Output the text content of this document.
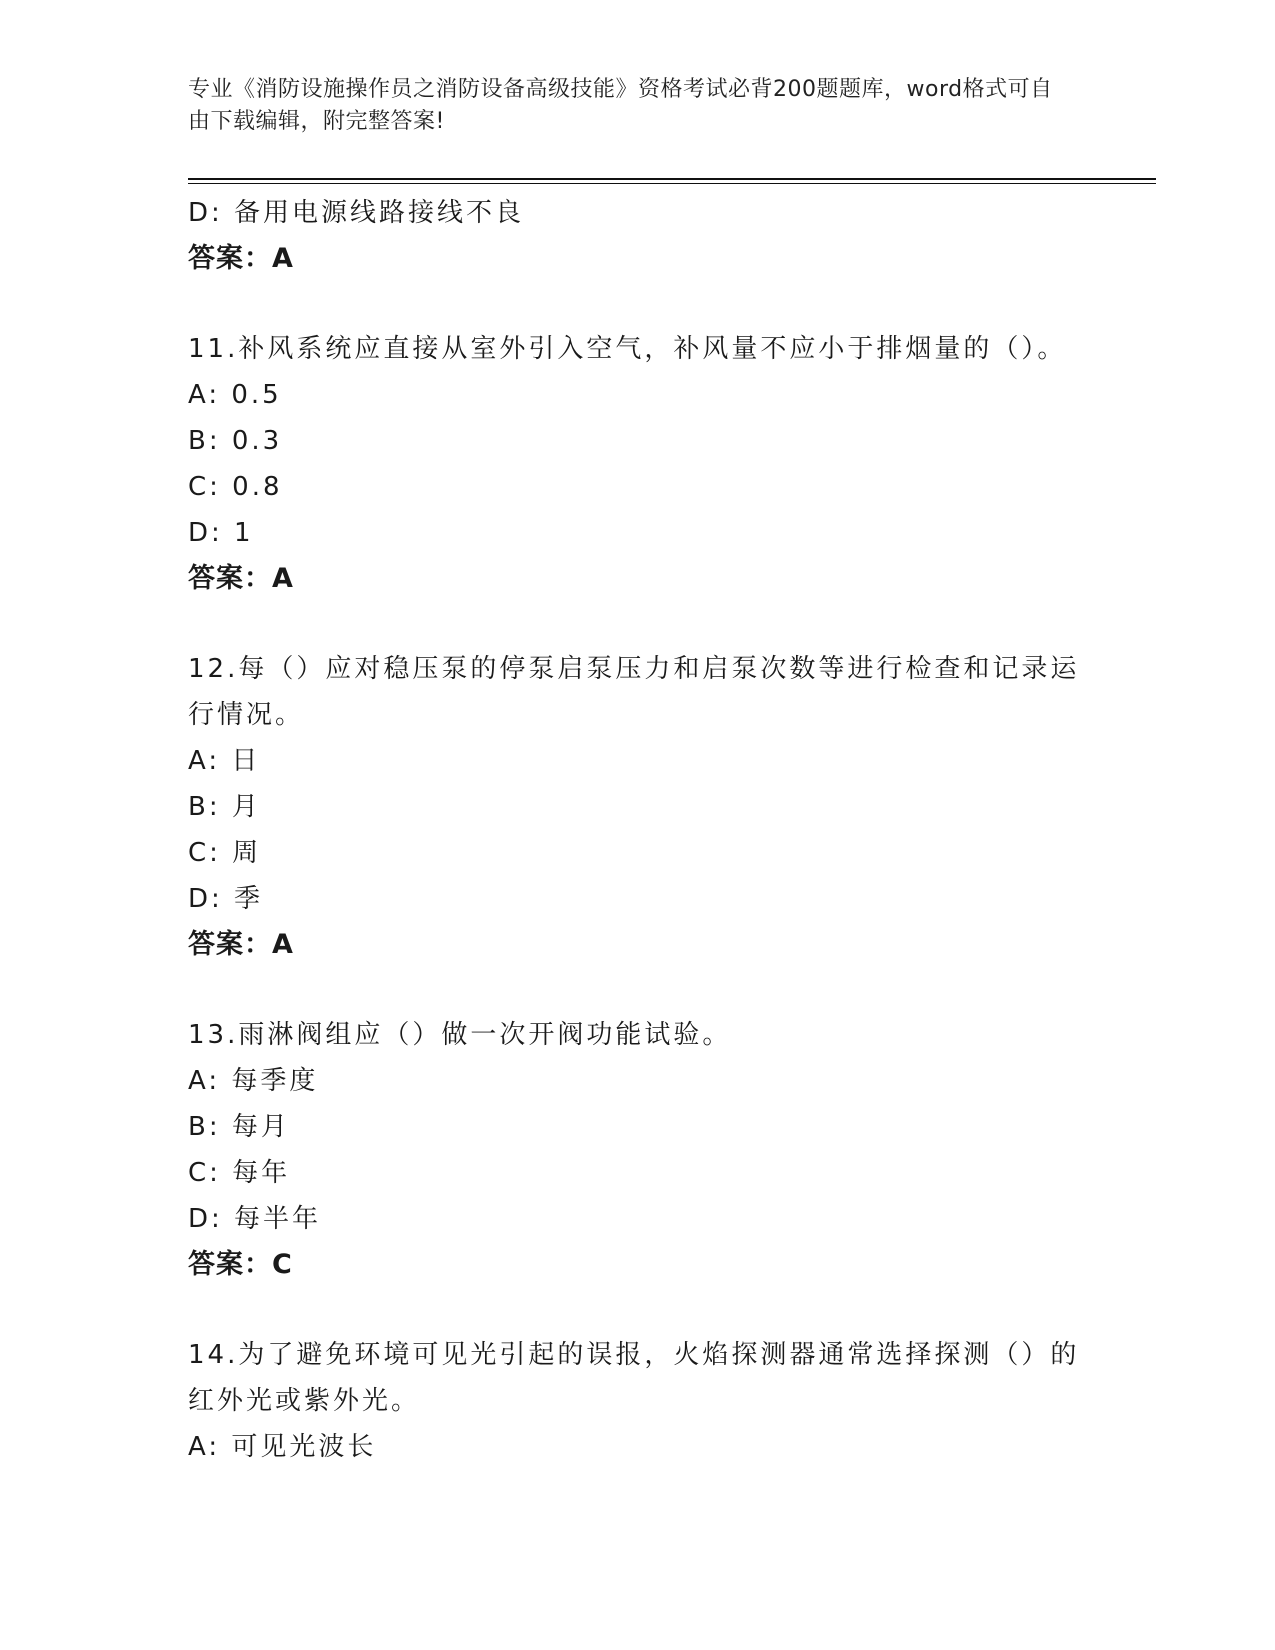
专业《消防设施操作员之消防设备高级技能》资格考试必背200题题库，word格式可自由下载编辑，附完整答案!
D: 备用电源线路接线不良
答案：A
11.补风系统应直接从室外引入空气，补风量不应小于排烟量的（）。
A: 0.5
B: 0.3
C: 0.8
D: 1
答案：A
12.每（）应对稳压泵的停泵启泵压力和启泵次数等进行检查和记录运行情况。
A: 日
B: 月
C: 周
D: 季
答案：A
13.雨淋阀组应（）做一次开阀功能试验。
A: 每季度
B: 每月
C: 每年
D: 每半年
答案：C
14.为了避免环境可见光引起的误报，火焰探测器通常选择探测（）的红外光或紫外光。
A: 可见光波长
